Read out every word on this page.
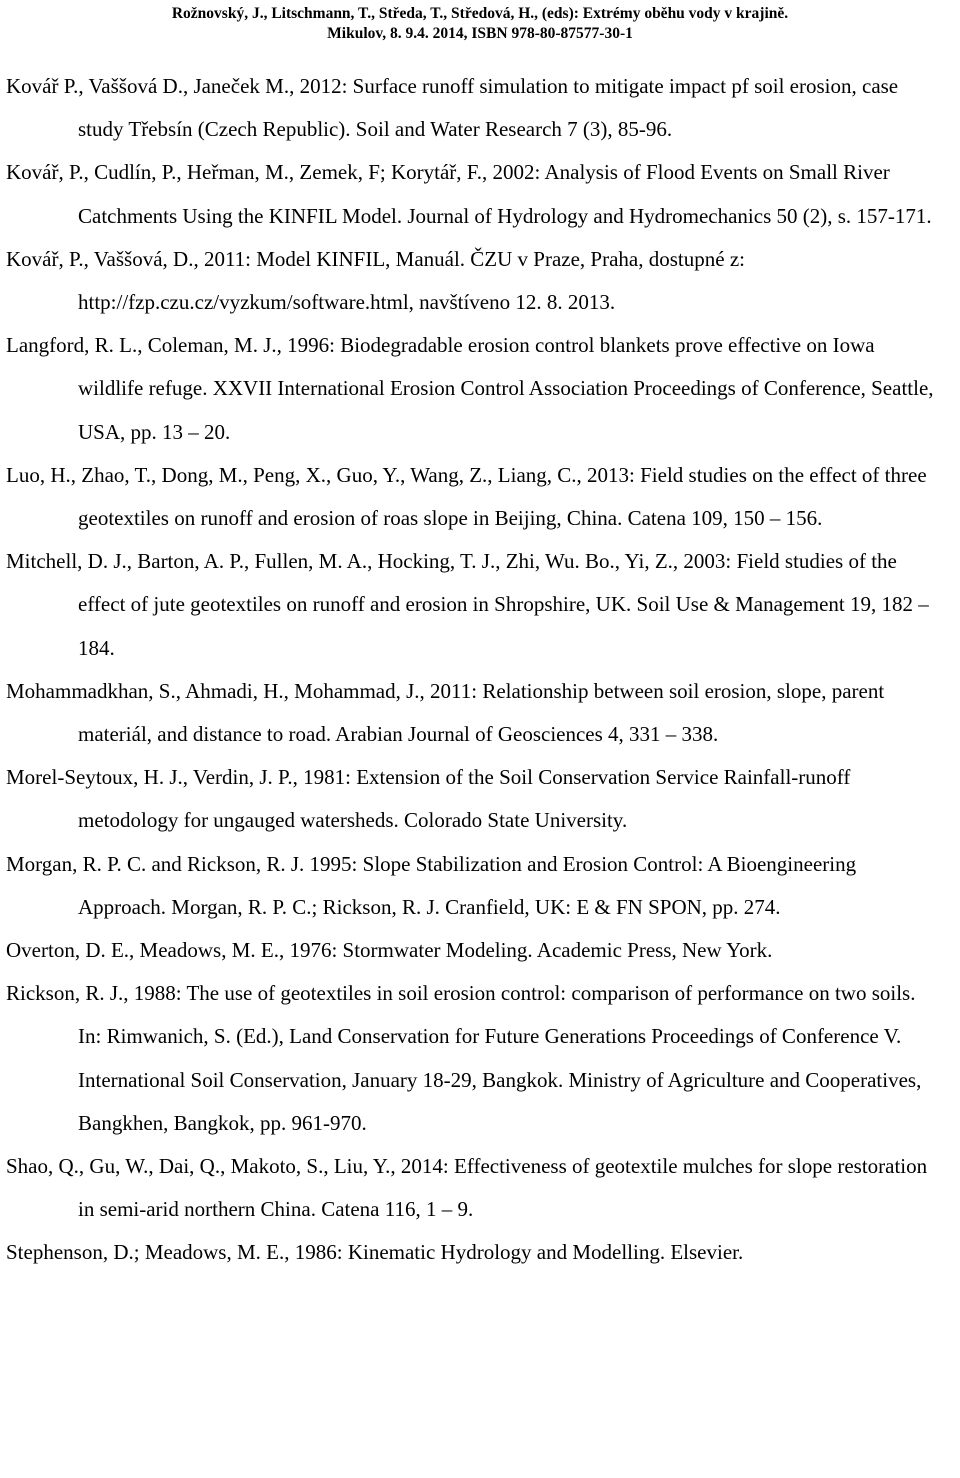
Rožnovský, J., Litschmann, T., Středa, T., Středová, H., (eds): Extrémy oběhu vody v krajině.
Mikulov, 8. 9.4. 2014, ISBN 978-80-87577-30-1
Kovář P., Vaššová D., Janeček M., 2012: Surface runoff simulation to mitigate impact pf soil erosion, case study Třebsín (Czech Republic). Soil and Water Research 7 (3), 85-96.
Kovář, P., Cudlín, P., Heřman, M., Zemek, F; Korytář, F., 2002: Analysis of Flood Events on Small River Catchments Using the KINFIL Model. Journal of Hydrology and Hydromechanics 50 (2), s. 157-171.
Kovář, P., Vaššová, D., 2011: Model KINFIL, Manuál. ČZU v Praze, Praha, dostupné z: http://fzp.czu.cz/vyzkum/software.html, navštíveno 12. 8. 2013.
Langford, R. L., Coleman, M. J., 1996: Biodegradable erosion control blankets prove effective on Iowa wildlife refuge. XXVII International Erosion Control Association Proceedings of Conference, Seattle, USA, pp. 13 – 20.
Luo, H., Zhao, T., Dong, M., Peng, X., Guo, Y., Wang, Z., Liang, C., 2013: Field studies on the effect of three geotextiles on runoff and erosion of roas slope in Beijing, China. Catena 109, 150 – 156.
Mitchell, D. J., Barton, A. P., Fullen, M. A., Hocking, T. J., Zhi, Wu. Bo., Yi, Z., 2003: Field studies of the effect of jute geotextiles on runoff and erosion in Shropshire, UK. Soil Use & Management 19, 182 – 184.
Mohammadkhan, S., Ahmadi, H., Mohammad, J., 2011: Relationship between soil erosion, slope, parent materiál, and distance to road. Arabian Journal of Geosciences 4, 331 – 338.
Morel-Seytoux, H. J., Verdin, J. P., 1981: Extension of the Soil Conservation Service Rainfall-runoff metodology for ungauged watersheds. Colorado State University.
Morgan, R. P. C. and Rickson, R. J. 1995: Slope Stabilization and Erosion Control: A Bioengineering Approach. Morgan, R. P. C.; Rickson, R. J. Cranfield, UK: E & FN SPON, pp. 274.
Overton, D. E., Meadows, M. E., 1976: Stormwater Modeling. Academic Press, New York.
Rickson, R. J., 1988: The use of geotextiles in soil erosion control: comparison of performance on two soils. In: Rimwanich, S. (Ed.), Land Conservation for Future Generations Proceedings of Conference V. International Soil Conservation, January 18-29, Bangkok. Ministry of Agriculture and Cooperatives, Bangkhen, Bangkok, pp. 961-970.
Shao, Q., Gu, W., Dai, Q., Makoto, S., Liu, Y., 2014: Effectiveness of geotextile mulches for slope restoration in semi-arid northern China. Catena 116, 1 – 9.
Stephenson, D.; Meadows, M. E., 1986: Kinematic Hydrology and Modelling. Elsevier.
